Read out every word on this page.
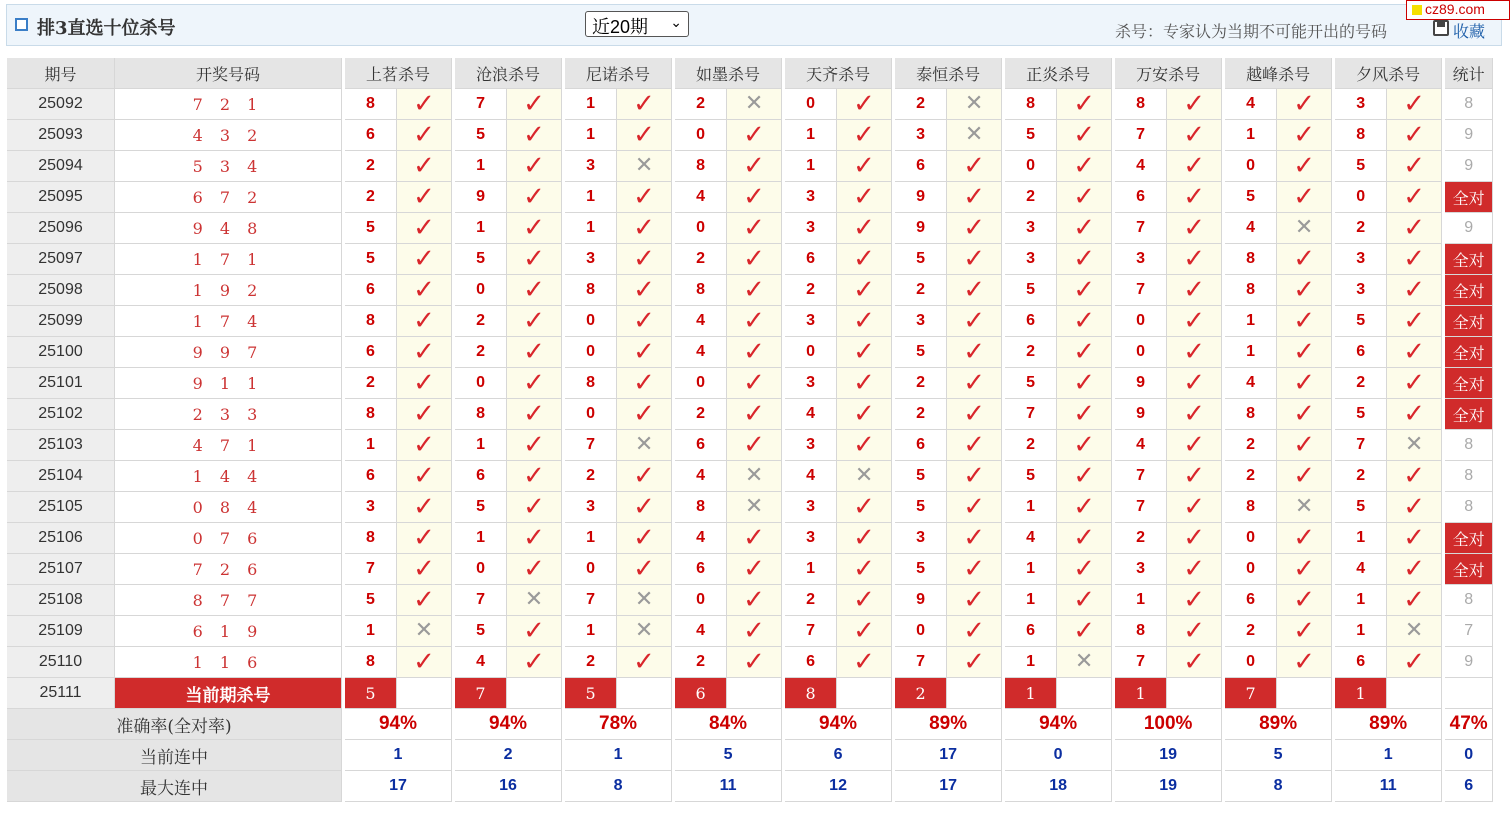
排3直选十位杀号	近20期 ⌄	杀号：专家认为当期不可能开出的号码	收藏
cz89.com
期号	开奖号码		上茗杀号			沧浪杀号			尼诺杀号			如墨杀号			天齐杀号			泰恒杀号			正炎杀号			万安杀号			越峰杀号			夕风杀号			统计
25092	7 2 1		8	✓		7	✓		1	✓		2	✕		0	✓		2	✕		8	✓		8	✓		4	✓		3	✓		8
25093	4 3 2		6	✓		5	✓		1	✓		0	✓		1	✓		3	✕		5	✓		7	✓		1	✓		8	✓		9
25094	5 3 4		2	✓		1	✓		3	✕		8	✓		1	✓		6	✓		0	✓		4	✓		0	✓		5	✓		9
25095	6 7 2		2	✓		9	✓		1	✓		4	✓		3	✓		9	✓		2	✓		6	✓		5	✓		0	✓		全对
25096	9 4 8		5	✓		1	✓		1	✓		0	✓		3	✓		9	✓		3	✓		7	✓		4	✕		2	✓		9
25097	1 7 1		5	✓		5	✓		3	✓		2	✓		6	✓		5	✓		3	✓		3	✓		8	✓		3	✓		全对
25098	1 9 2		6	✓		0	✓		8	✓		8	✓		2	✓		2	✓		5	✓		7	✓		8	✓		3	✓		全对
25099	1 7 4		8	✓		2	✓		0	✓		4	✓		3	✓		3	✓		6	✓		0	✓		1	✓		5	✓		全对
25100	9 9 7		6	✓		2	✓		0	✓		4	✓		0	✓		5	✓		2	✓		0	✓		1	✓		6	✓		全对
25101	9 1 1		2	✓		0	✓		8	✓		0	✓		3	✓		2	✓		5	✓		9	✓		4	✓		2	✓		全对
25102	2 3 3		8	✓		8	✓		0	✓		2	✓		4	✓		2	✓		7	✓		9	✓		8	✓		5	✓		全对
25103	4 7 1		1	✓		1	✓		7	✕		6	✓		3	✓		6	✓		2	✓		4	✓		2	✓		7	✕		8
25104	1 4 4		6	✓		6	✓		2	✓		4	✕		4	✕		5	✓		5	✓		7	✓		2	✓		2	✓		8
25105	0 8 4		3	✓		5	✓		3	✓		8	✕		3	✓		5	✓		1	✓		7	✓		8	✕		5	✓		8
25106	0 7 6		8	✓		1	✓		1	✓		4	✓		3	✓		3	✓		4	✓		2	✓		0	✓		1	✓		全对
25107	7 2 6		7	✓		0	✓		0	✓		6	✓		1	✓		5	✓		1	✓		3	✓		0	✓		4	✓		全对
25108	8 7 7		5	✓		7	✕		7	✕		0	✓		2	✓		9	✓		1	✓		1	✓		6	✓		1	✓		8
25109	6 1 9		1	✕		5	✓		1	✕		4	✓		7	✓		0	✓		6	✓		8	✓		2	✓		1	✕		7
25110	1 1 6		8	✓		4	✓		2	✓		2	✓		6	✓		7	✓		1	✕		7	✓		0	✓		6	✓		9
25111	当前期杀号		5			7			5			6			8			2			1			1			7			1			
准确率(全对率)			94%			94%			78%			84%			94%			89%			94%			100%			89%			89%			47%
当前连中			1			2			1			5			6			17			0			19			5			1			0
最大连中			17			16			8			11			12			17			18			19			8			11			6
